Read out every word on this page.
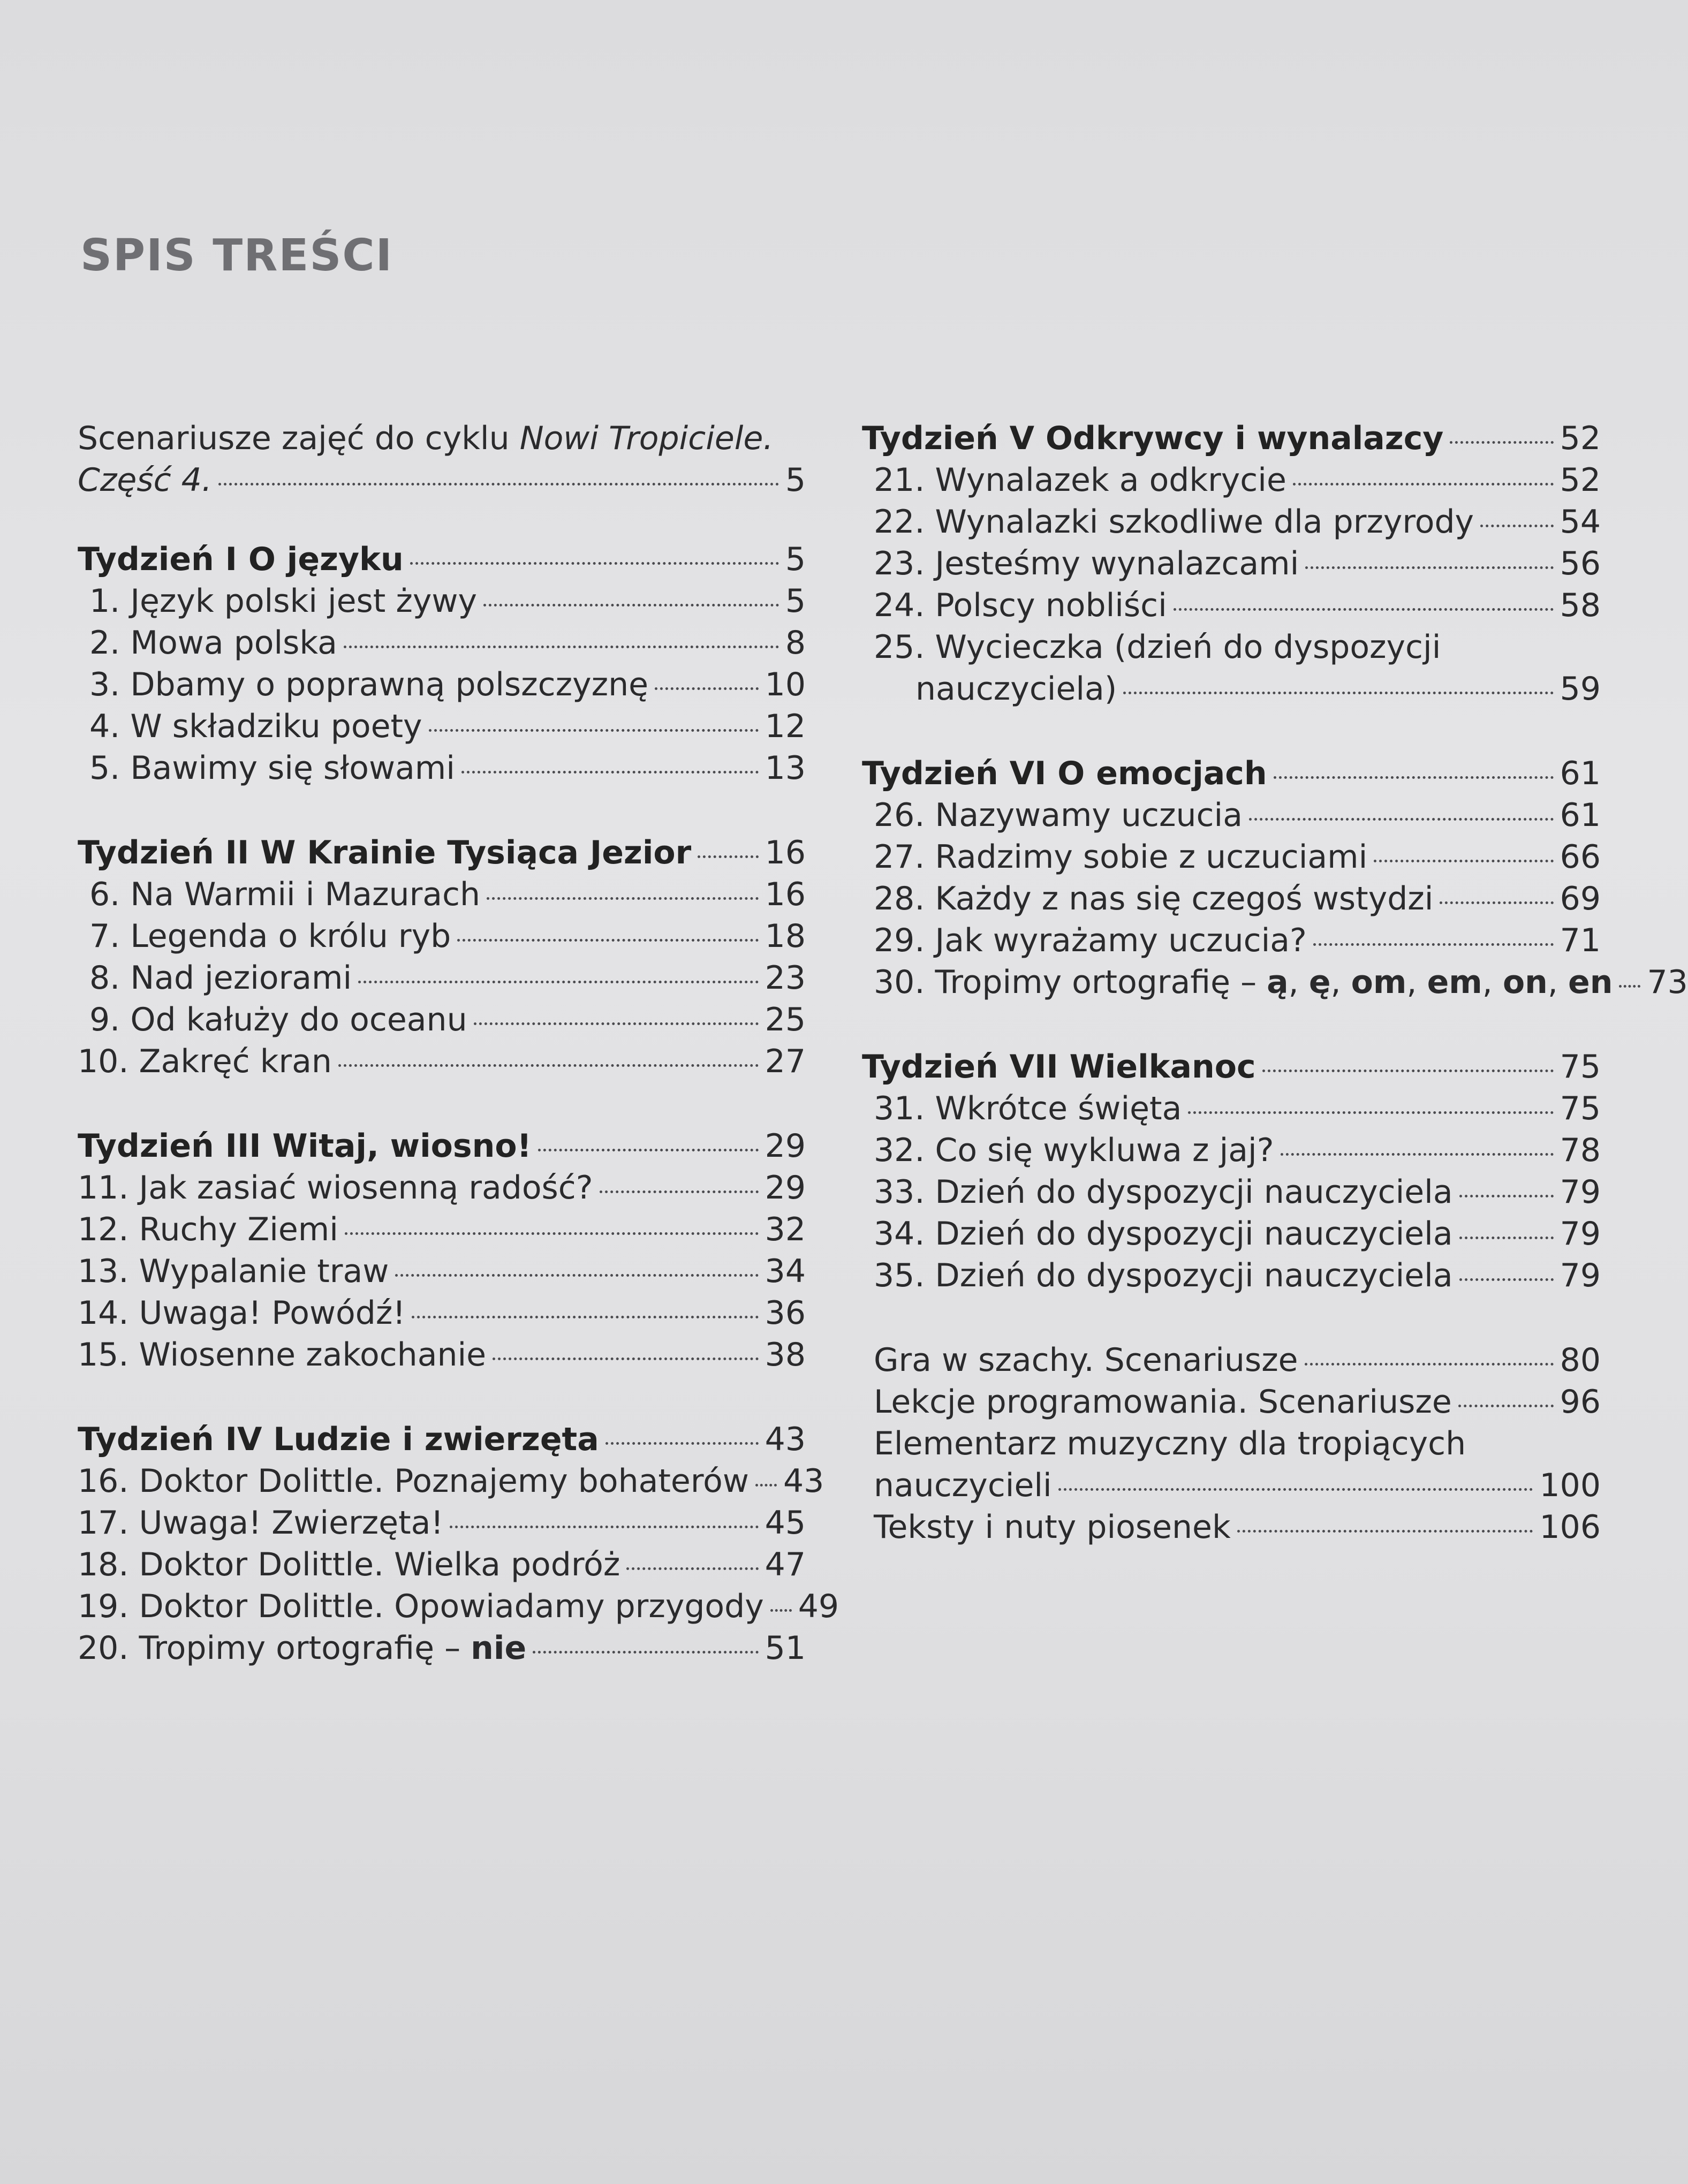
SPIS TREŚCI
Scenariusze zajęć do cyklu Nowi Tropiciele.
Część 4.	5
Tydzień I O języku	5
1. Język polski jest żywy	5
2. Mowa polska	8
3. Dbamy o poprawną polszczyznę	10
4. W składziku poety	12
5. Bawimy się słowami	13
Tydzień II W Krainie Tysiąca Jezior 16
6. Na Warmii i Mazurach	16
7. Legenda o królu ryb	18
8. Nad jeziorami	23
9. Od kałuży do oceanu	25
10. Zakręć kran	27
Tydzień III Witaj, wiosno!	29
11. Jak zasiać wiosenną radość?	29
12. Ruchy Ziemi	32
13. Wypalanie traw	34
14. Uwaga! Powódź!	36
15. Wiosenne zakochanie	38
Tydzień IV Ludzie i zwierzęta	43
16. Doktor Dolittle. Poznajemy bohaterów 43
17. Uwaga! Zwierzęta!	45
18. Doktor Dolittle. Wielka podróż	47
19. Doktor Dolittle. Opowiadamy przygody 49
20. Tropimy ortografię – nie	51
Tydzień V Odkrywcy i wynalazcy	52
21. Wynalazek a odkrycie	52
22. Wynalazki szkodliwe dla przyrody	54
23. Jesteśmy wynalazcami	56
24. Polscy nobliści	58
25. Wycieczka (dzień do dyspozycji
nauczyciela)	59
Tydzień VI O emocjach	61
26. Nazywamy uczucia	61
27. Radzimy sobie z uczuciami	66
28. Każdy z nas się czegoś wstydzi	69
29. Jak wyrażamy uczucia?	71
30. Tropimy ortografię – ą, ę, om, em, on, en 73
Tydzień VII Wielkanoc	75
31. Wkrótce święta	75
32. Co się wykluwa z jaj?	78
33. Dzień do dyspozycji nauczyciela	79
34. Dzień do dyspozycji nauczyciela	79
35. Dzień do dyspozycji nauczyciela	79
Gra w szachy. Scenariusze	80
Lekcje programowania. Scenariusze	96
Elementarz muzyczny dla tropiących
nauczycieli	100
Teksty i nuty piosenek	106
